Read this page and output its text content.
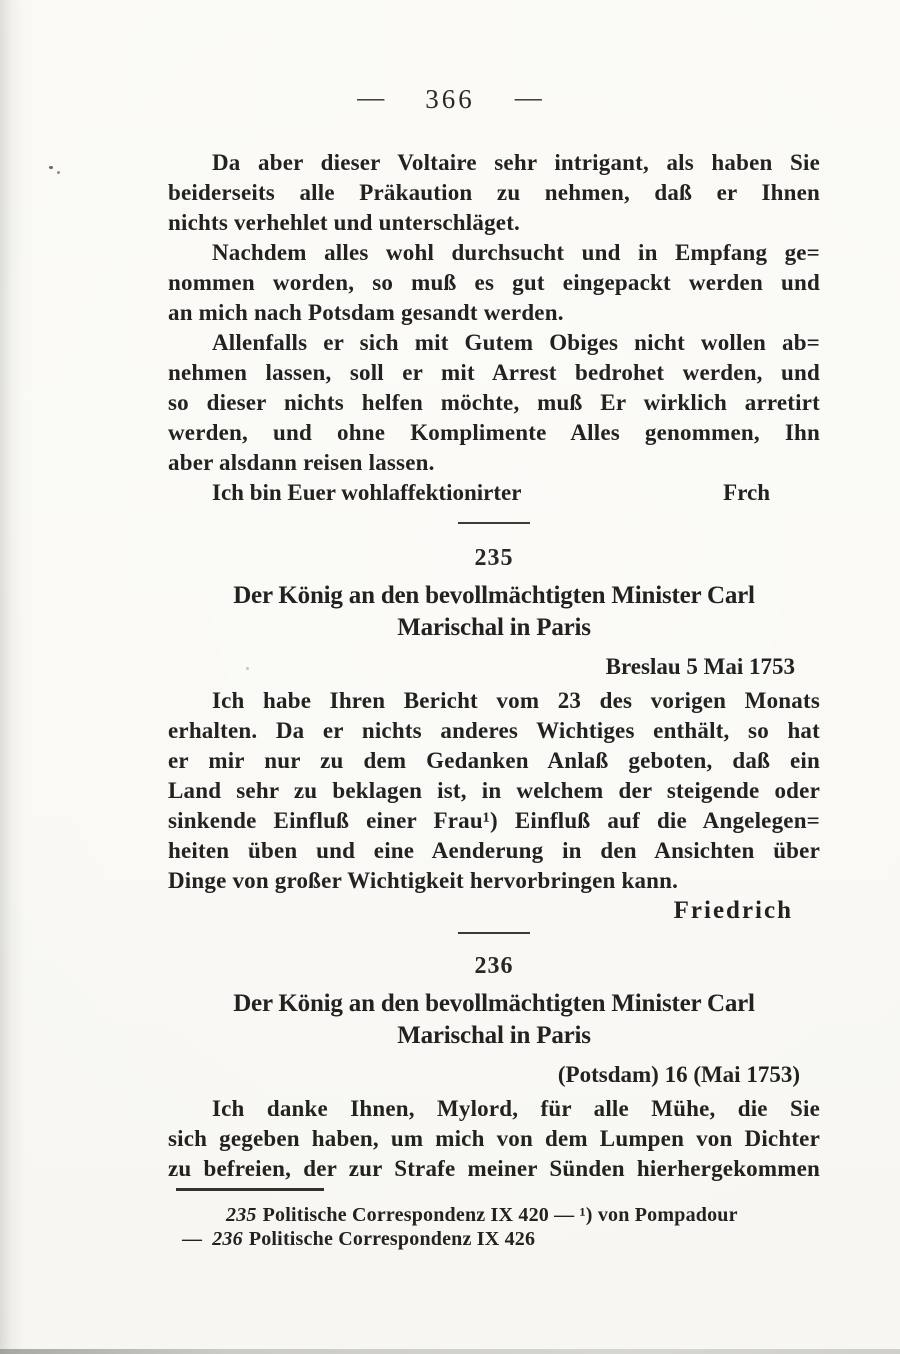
— 366 —
Da aber dieser Voltaire sehr intrigant, als haben Sie
beiderseits alle Präkaution zu nehmen, daß er Ihnen
nichts verhehlet und unterschläget.
Nachdem alles wohl durchsucht und in Empfang ge=
nommen worden, so muß es gut eingepackt werden und
an mich nach Potsdam gesandt werden.
Allenfalls er sich mit Gutem Obiges nicht wollen ab=
nehmen lassen, soll er mit Arrest bedrohet werden, und
so dieser nichts helfen möchte, muß Er wirklich arretirt
werden, und ohne Komplimente Alles genommen, Ihn
aber alsdann reisen lassen.
Ich bin Euer wohlaffektionirter	Frch
235
Der König an den bevollmächtigten Minister Carl
Marischal in Paris
Breslau 5 Mai 1753
Ich habe Ihren Bericht vom 23 des vorigen Monats
erhalten. Da er nichts anderes Wichtiges enthält, so hat
er mir nur zu dem Gedanken Anlaß geboten, daß ein
Land sehr zu beklagen ist, in welchem der steigende oder
sinkende Einfluß einer Frau¹) Einfluß auf die Angelegen=
heiten üben und eine Aenderung in den Ansichten über
Dinge von großer Wichtigkeit hervorbringen kann.
Friedrich
236
Der König an den bevollmächtigten Minister Carl
Marischal in Paris
(Potsdam) 16 (Mai 1753)
Ich danke Ihnen, Mylord, für alle Mühe, die Sie
sich gegeben haben, um mich von dem Lumpen von Dichter
zu befreien, der zur Strafe meiner Sünden hierhergekommen
235 Politische Correspondenz IX 420 — ¹) von Pompadour
— 236 Politische Correspondenz IX 426
